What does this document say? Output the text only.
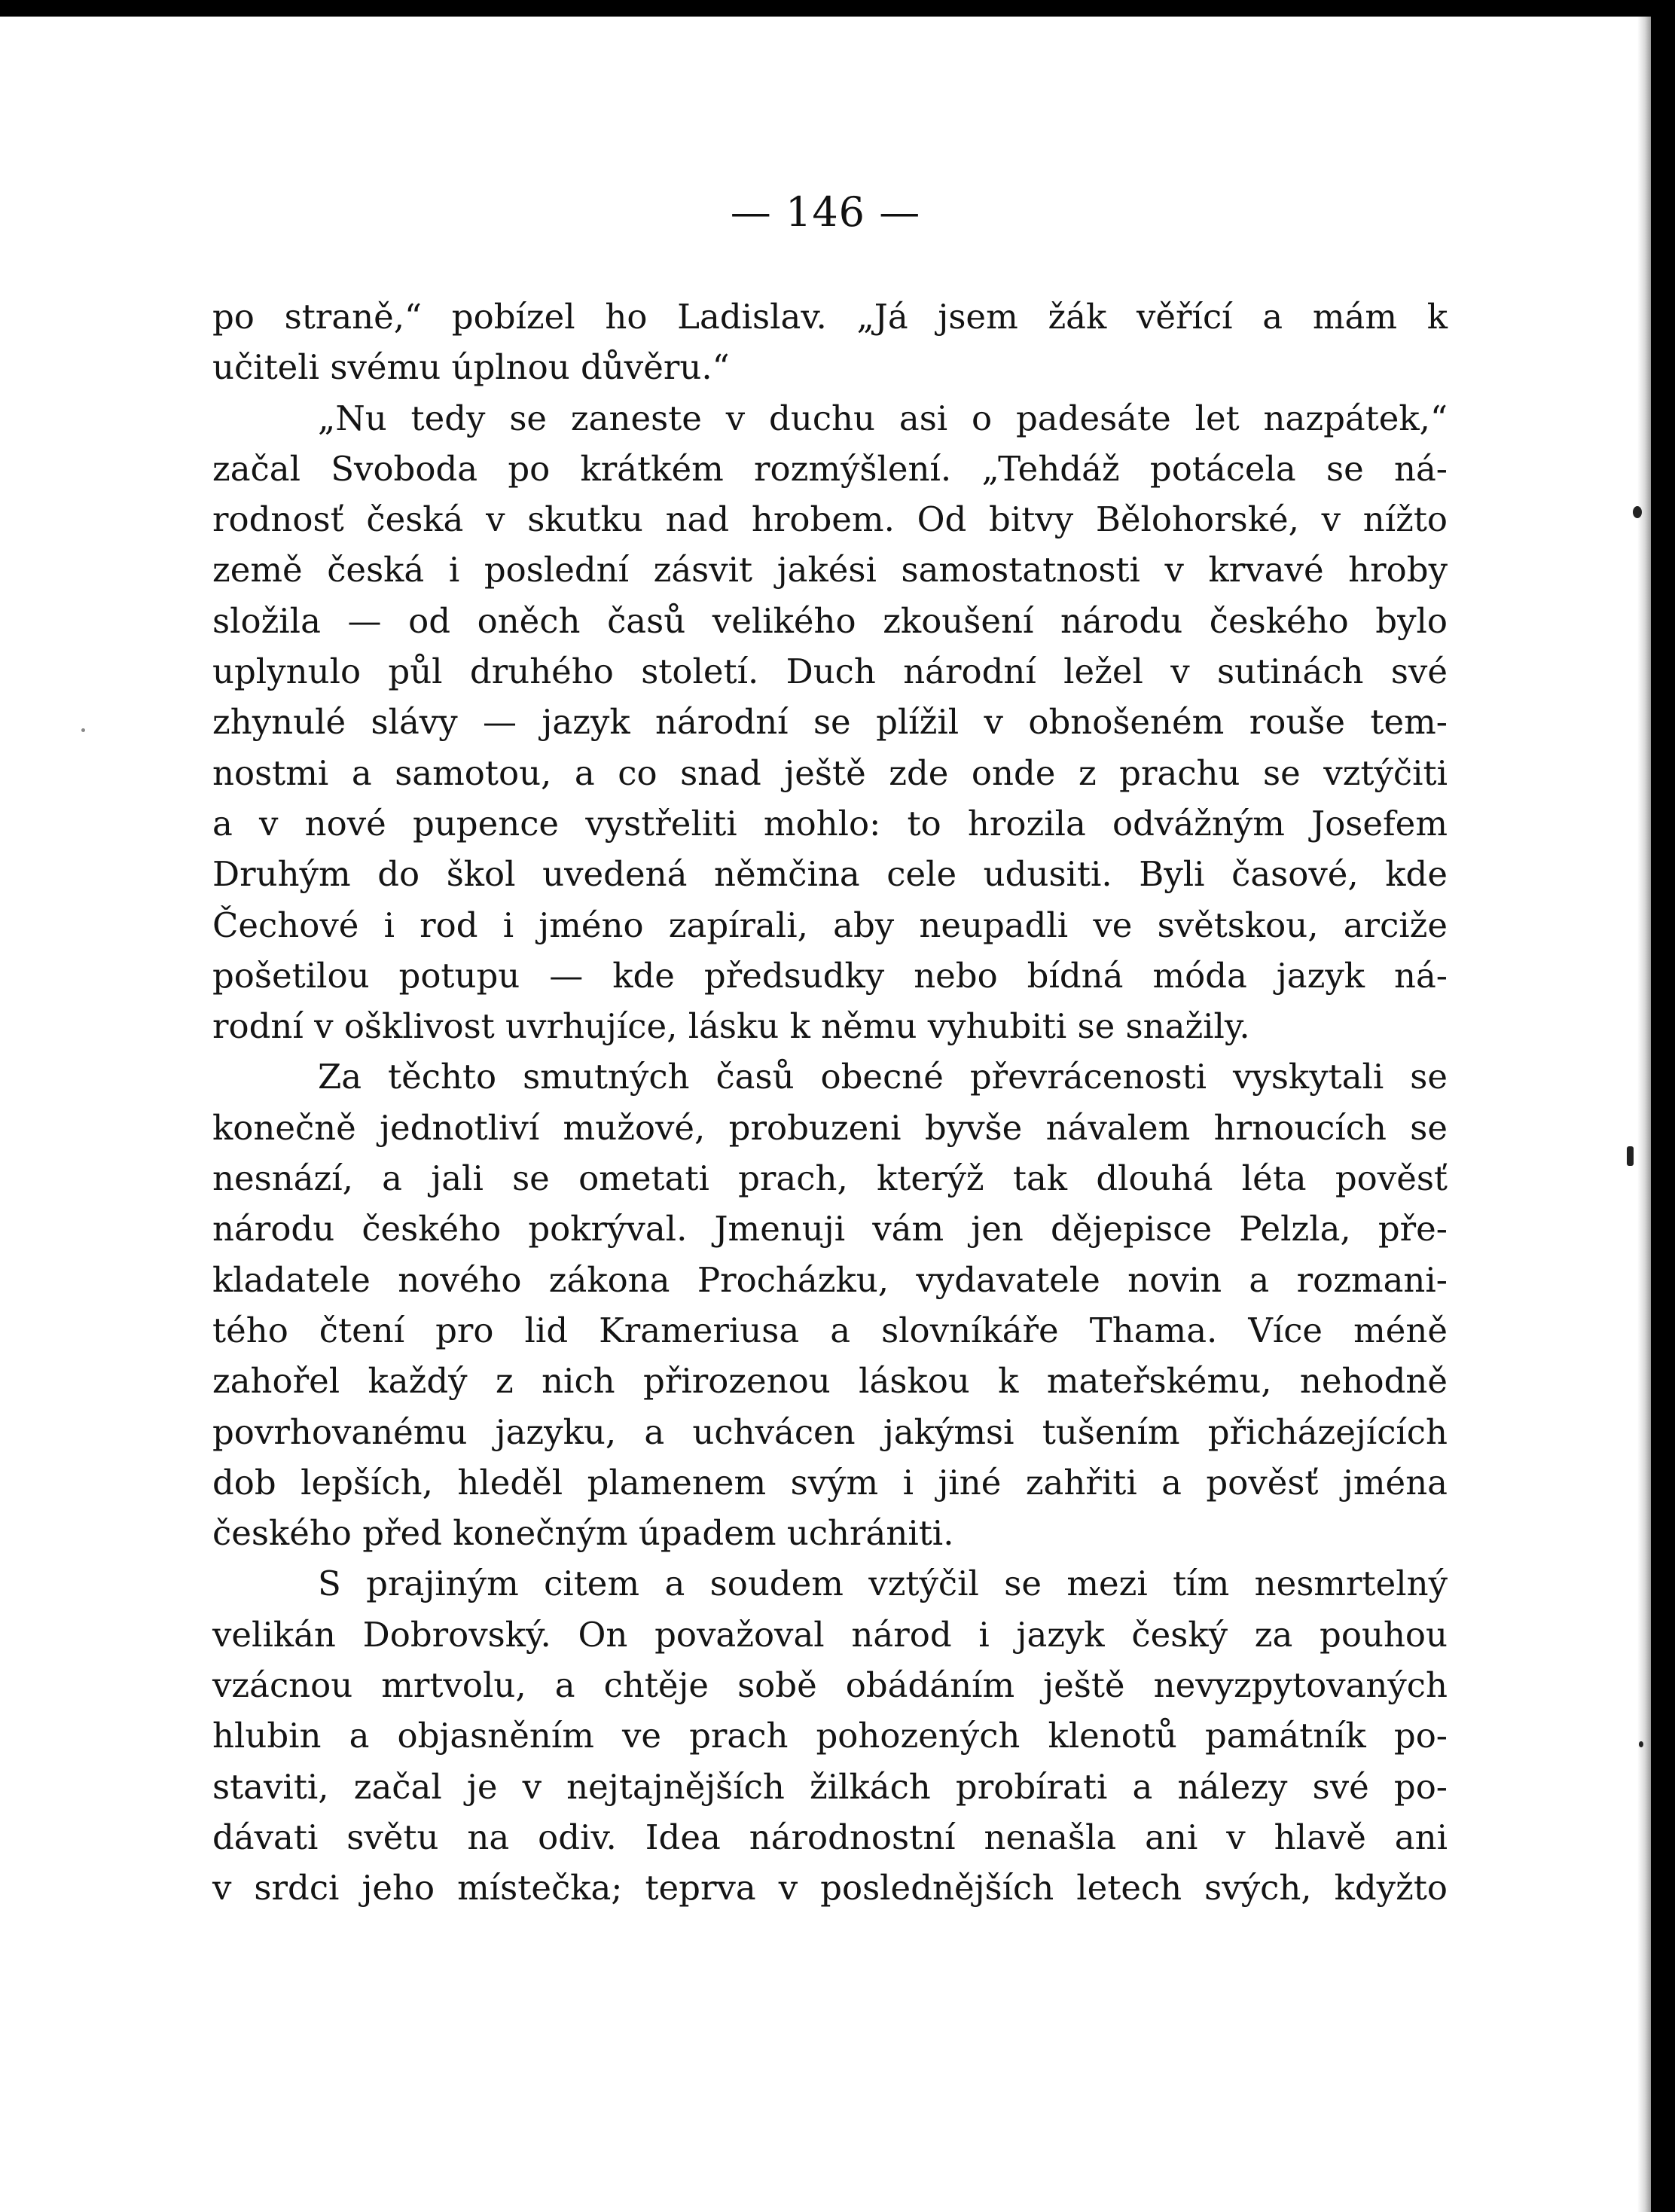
— 146 —
po straně,“ pobízel ho Ladislav. „Já jsem žák věřící a mám k
učiteli svému úplnou důvěru.“
„Nu tedy se zaneste v duchu asi o padesáte let nazpátek,“
začal Svoboda po krátkém rozmýšlení. „Tehdáž potácela se ná-
rodnosť česká v skutku nad hrobem. Od bitvy Bělohorské, v nížto
země česká i poslední zásvit jakési samostatnosti v krvavé hroby
složila — od oněch časů velikého zkoušení národu českého bylo
uplynulo půl druhého století. Duch národní ležel v sutinách své
zhynulé slávy — jazyk národní se plížil v obnošeném rouše tem-
nostmi a samotou, a co snad ještě zde onde z prachu se vztýčiti
a v nové pupence vystřeliti mohlo: to hrozila odvážným Josefem
Druhým do škol uvedená němčina cele udusiti. Byli časové, kde
Čechové i rod i jméno zapírali, aby neupadli ve světskou, arciže
pošetilou potupu — kde předsudky nebo bídná móda jazyk ná-
rodní v ošklivost uvrhujíce, lásku k němu vyhubiti se snažily.
Za těchto smutných časů obecné převrácenosti vyskytali se
konečně jednotliví mužové, probuzeni byvše návalem hrnoucích se
nesnází, a jali se ometati prach, kterýž tak dlouhá léta pověsť
národu českého pokrýval. Jmenuji vám jen dějepisce Pelzla, pře-
kladatele nového zákona Procházku, vydavatele novin a rozmani-
tého čtení pro lid Krameriusa a slovníkáře Thama. Více méně
zahořel každý z nich přirozenou láskou k mateřskému, nehodně
povrhovanému jazyku, a uchvácen jakýmsi tušením přicházejících
dob lepších, hleděl plamenem svým i jiné zahřiti a pověsť jména
českého před konečným úpadem uchrániti.
S prajiným citem a soudem vztýčil se mezi tím nesmrtelný
velikán Dobrovský. On považoval národ i jazyk český za pouhou
vzácnou mrtvolu, a chtěje sobě obádáním ještě nevyzpytovaných
hlubin a objasněním ve prach pohozených klenotů památník po-
staviti, začal je v nejtajnějších žilkách probírati a nálezy své po-
dávati světu na odiv. Idea národnostní nenašla ani v hlavě ani
v srdci jeho místečka; teprva v poslednějších letech svých, kdyžto
